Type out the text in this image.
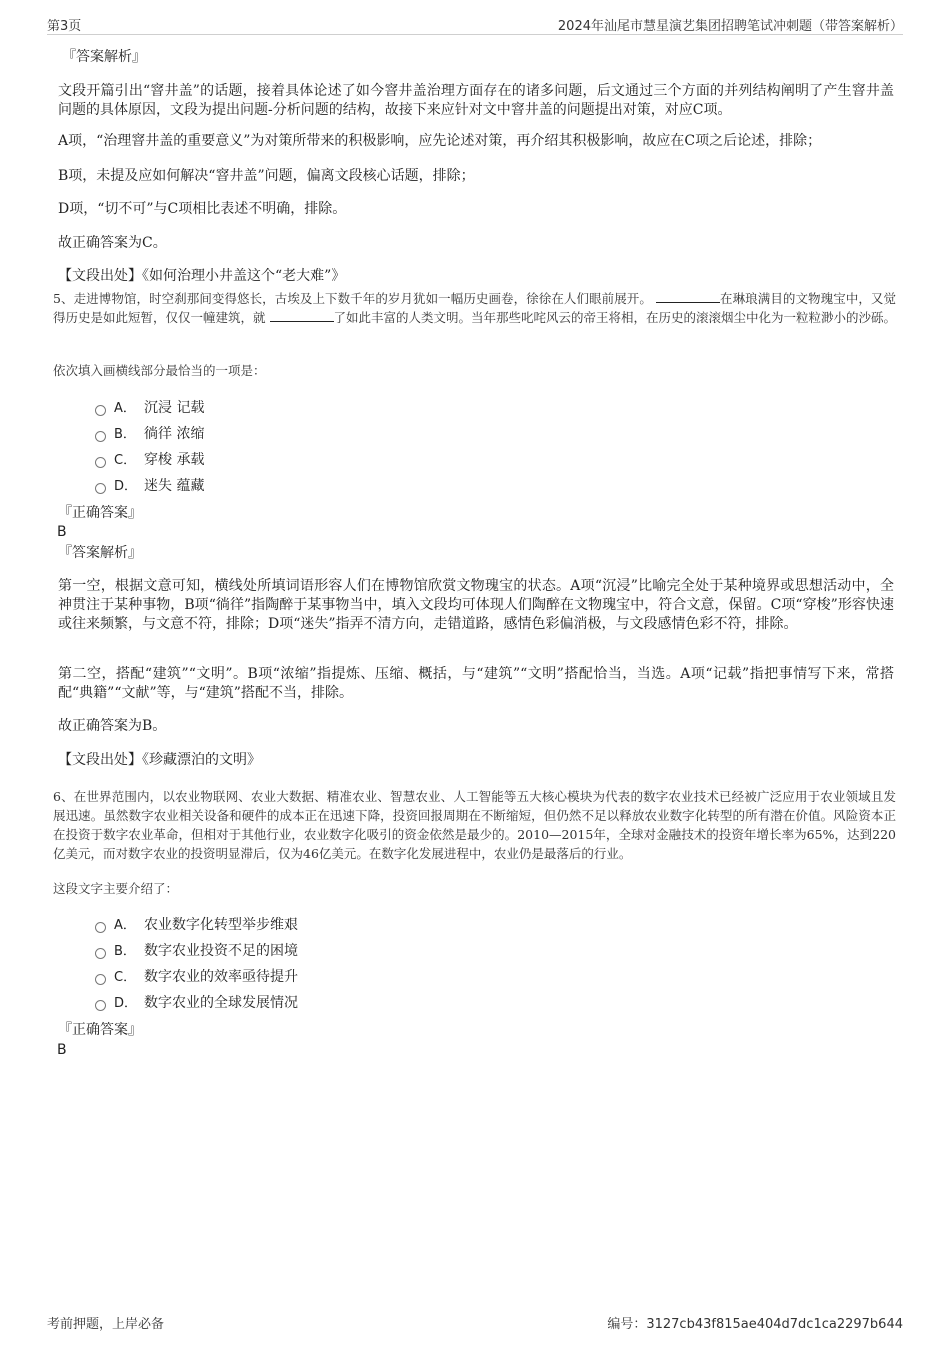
第3页	2024年汕尾市慧星演艺集团招聘笔试冲刺题（带答案解析）
『答案解析』
文段开篇引出“窨井盖”的话题，接着具体论述了如今窨井盖治理方面存在的诸多问题，后文通过三个方面的并列结构阐明了产生窨井盖问题的具体原因，文段为提出问题-分析问题的结构，故接下来应针对文中窨井盖的问题提出对策，对应C项。
A项，“治理窨井盖的重要意义”为对策所带来的积极影响，应先论述对策，再介绍其积极影响，故应在C项之后论述，排除；
B项，未提及应如何解决“窨井盖”问题，偏离文段核心话题，排除；
D项，“切不可”与C项相比表述不明确，排除。
故正确答案为C。
【文段出处】《如何治理小井盖这个“老大难”》
5、走进博物馆，时空刹那间变得悠长，古埃及上下数千年的岁月犹如一幅历史画卷，徐徐在人们眼前展开。	在琳琅满目的文物瑰宝中，又觉得历史是如此短暂，仅仅一幢建筑，就	了如此丰富的人类文明。当年那些叱咤风云的帝王将相，在历史的滚滚烟尘中化为一粒粒渺小的沙砾。
依次填入画横线部分最恰当的一项是：
A． 沉浸 记载
B． 徜徉 浓缩
C． 穿梭 承载
D． 迷失 蕴藏
『正确答案』
B
『答案解析』
第一空，根据文意可知，横线处所填词语形容人们在博物馆欣赏文物瑰宝的状态。A项“沉浸”比喻完全处于某种境界或思想活动中，全神贯注于某种事物，B项“徜徉”指陶醉于某事物当中，填入文段均可体现人们陶醉在文物瑰宝中，符合文意，保留。C项“穿梭”形容快速或往来频繁，与文意不符，排除；D项“迷失”指弄不清方向，走错道路，感情色彩偏消极，与文段感情色彩不符，排除。
第二空，搭配“建筑”“文明”。B项“浓缩”指提炼、压缩、概括，与“建筑”“文明”搭配恰当，当选。A项“记载”指把事情写下来，常搭配“典籍”“文献”等，与“建筑”搭配不当，排除。
故正确答案为B。
【文段出处】《珍藏漂泊的文明》
6、在世界范围内，以农业物联网、农业大数据、精准农业、智慧农业、人工智能等五大核心模块为代表的数字农业技术已经被广泛应用于农业领域且发展迅速。虽然数字农业相关设备和硬件的成本正在迅速下降，投资回报周期在不断缩短，但仍然不足以释放农业数字化转型的所有潜在价值。风险资本正在投资于数字农业革命，但相对于其他行业，农业数字化吸引的资金依然是最少的。2010—2015年，全球对金融技术的投资年增长率为65%，达到220亿美元，而对数字农业的投资明显滞后，仅为46亿美元。在数字化发展进程中，农业仍是最落后的行业。
这段文字主要介绍了：
A． 农业数字化转型举步维艰
B． 数字农业投资不足的困境
C． 数字农业的效率亟待提升
D． 数字农业的全球发展情况
『正确答案』
B
考前押题，上岸必备	编号：3127cb43f815ae404d7dc1ca2297b644
